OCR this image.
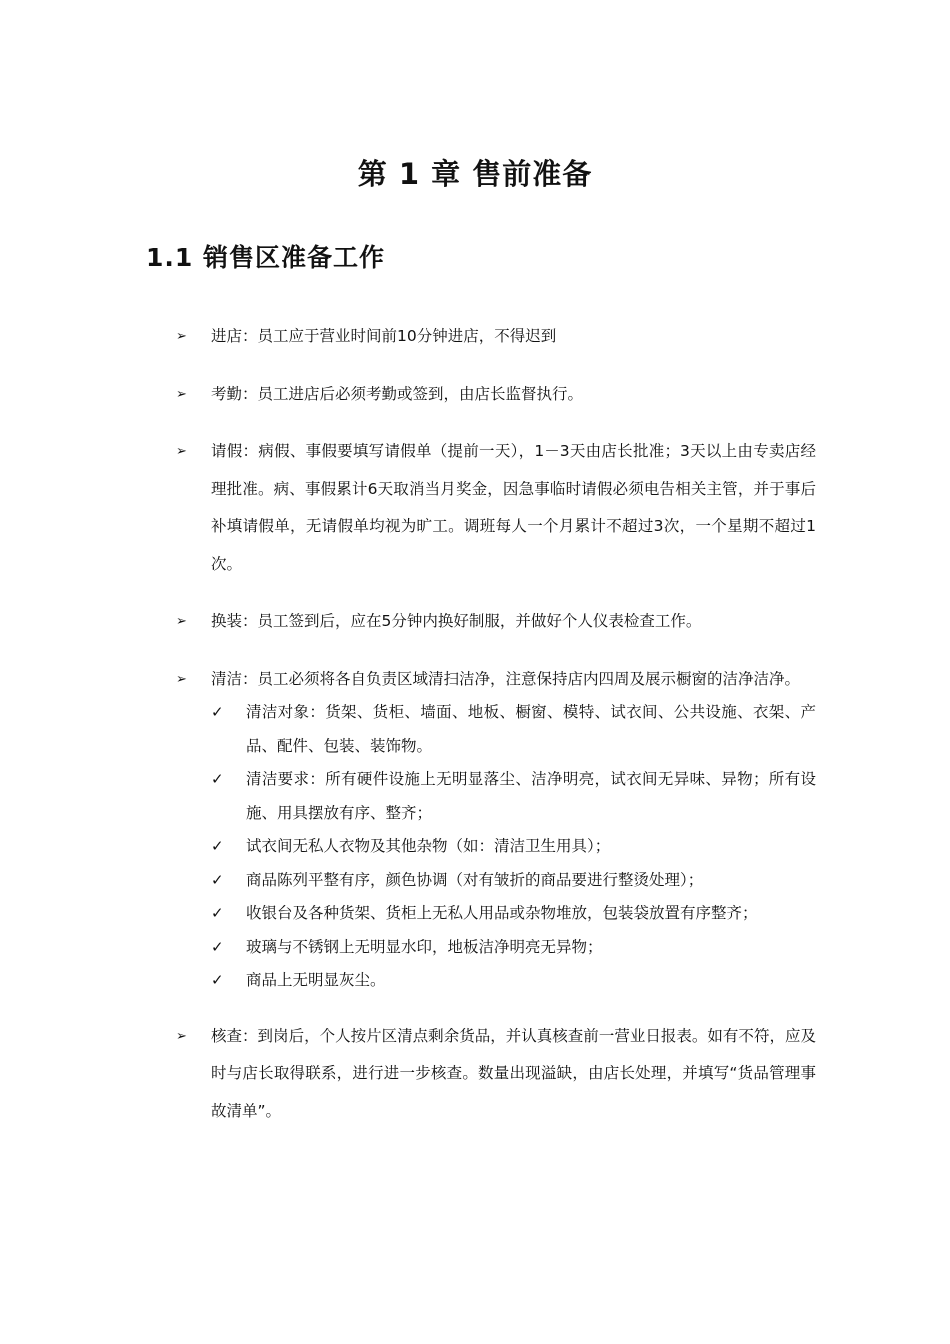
第 1 章 售前准备
1.1 销售区准备工作
➢	进店：员工应于营业时间前10分钟进店，不得迟到
➢	考勤：员工进店后必须考勤或签到，由店长监督执行。
➢	请假：病假、事假要填写请假单（提前一天），1－3天由店长批准；3天以上由专卖店经理批准。病、事假累计6天取消当月奖金，因急事临时请假必须电告相关主管，并于事后补填请假单，无请假单均视为旷工。调班每人一个月累计不超过3次，一个星期不超过1次。
➢	换装：员工签到后，应在5分钟内换好制服，并做好个人仪表检查工作。
➢	清洁：员工必须将各自负责区域清扫洁净，注意保持店内四周及展示橱窗的洁净洁净。
✓	清洁对象：货架、货柜、墙面、地板、橱窗、模特、试衣间、公共设施、衣架、产品、配件、包装、装饰物。
✓	清洁要求：所有硬件设施上无明显落尘、洁净明亮，试衣间无异味、异物；所有设施、用具摆放有序、整齐；
✓	试衣间无私人衣物及其他杂物（如：清洁卫生用具）；
✓	商品陈列平整有序，颜色协调（对有皱折的商品要进行整烫处理）；
✓	收银台及各种货架、货柜上无私人用品或杂物堆放，包装袋放置有序整齐；
✓	玻璃与不锈钢上无明显水印，地板洁净明亮无异物；
✓	商品上无明显灰尘。
➢	核查：到岗后，个人按片区清点剩余货品，并认真核查前一营业日报表。如有不符，应及时与店长取得联系，进行进一步核查。数量出现溢缺，由店长处理，并填写“货品管理事故清单”。
